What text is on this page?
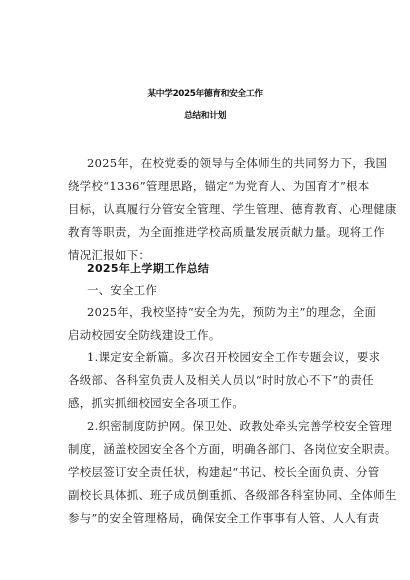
某中学2025年德育和安全工作
总结和计划
2025年，在校党委的领导与全体师生的共同努力下，我国
绕学校“1336”管理思路，锚定“为党育人、为国育才”根本
目标，认真履行分管安全管理、学生管理、德育教育、心理健康
教育等职责，为全面推进学校高质量发展贡献力量。现将工作
情况汇报如下：
2025年上学期工作总结
一、安全工作
2025年，我校坚持“安全为先，预防为主”的理念，全面
启动校园安全防线建设工作。
1.课定安全新篇。多次召开校园安全工作专题会议，要求
各级部、各科室负责人及相关人员以“时时放心不下”的责任
感，抓实抓细校园安全各项工作。
2.织密制度防护网。保卫处、政教处牵头完善学校安全管理
制度，涵盖校园安全各个方面，明确各部门、各岗位安全职责。
学校层签订安全责任状，构建起“书记、校长全面负责、分管
副校长具体抓、班子成员倒重抓、各级部各科室协同、全体师生
参与”的安全管理格局，确保安全工作事事有人管、人人有责
